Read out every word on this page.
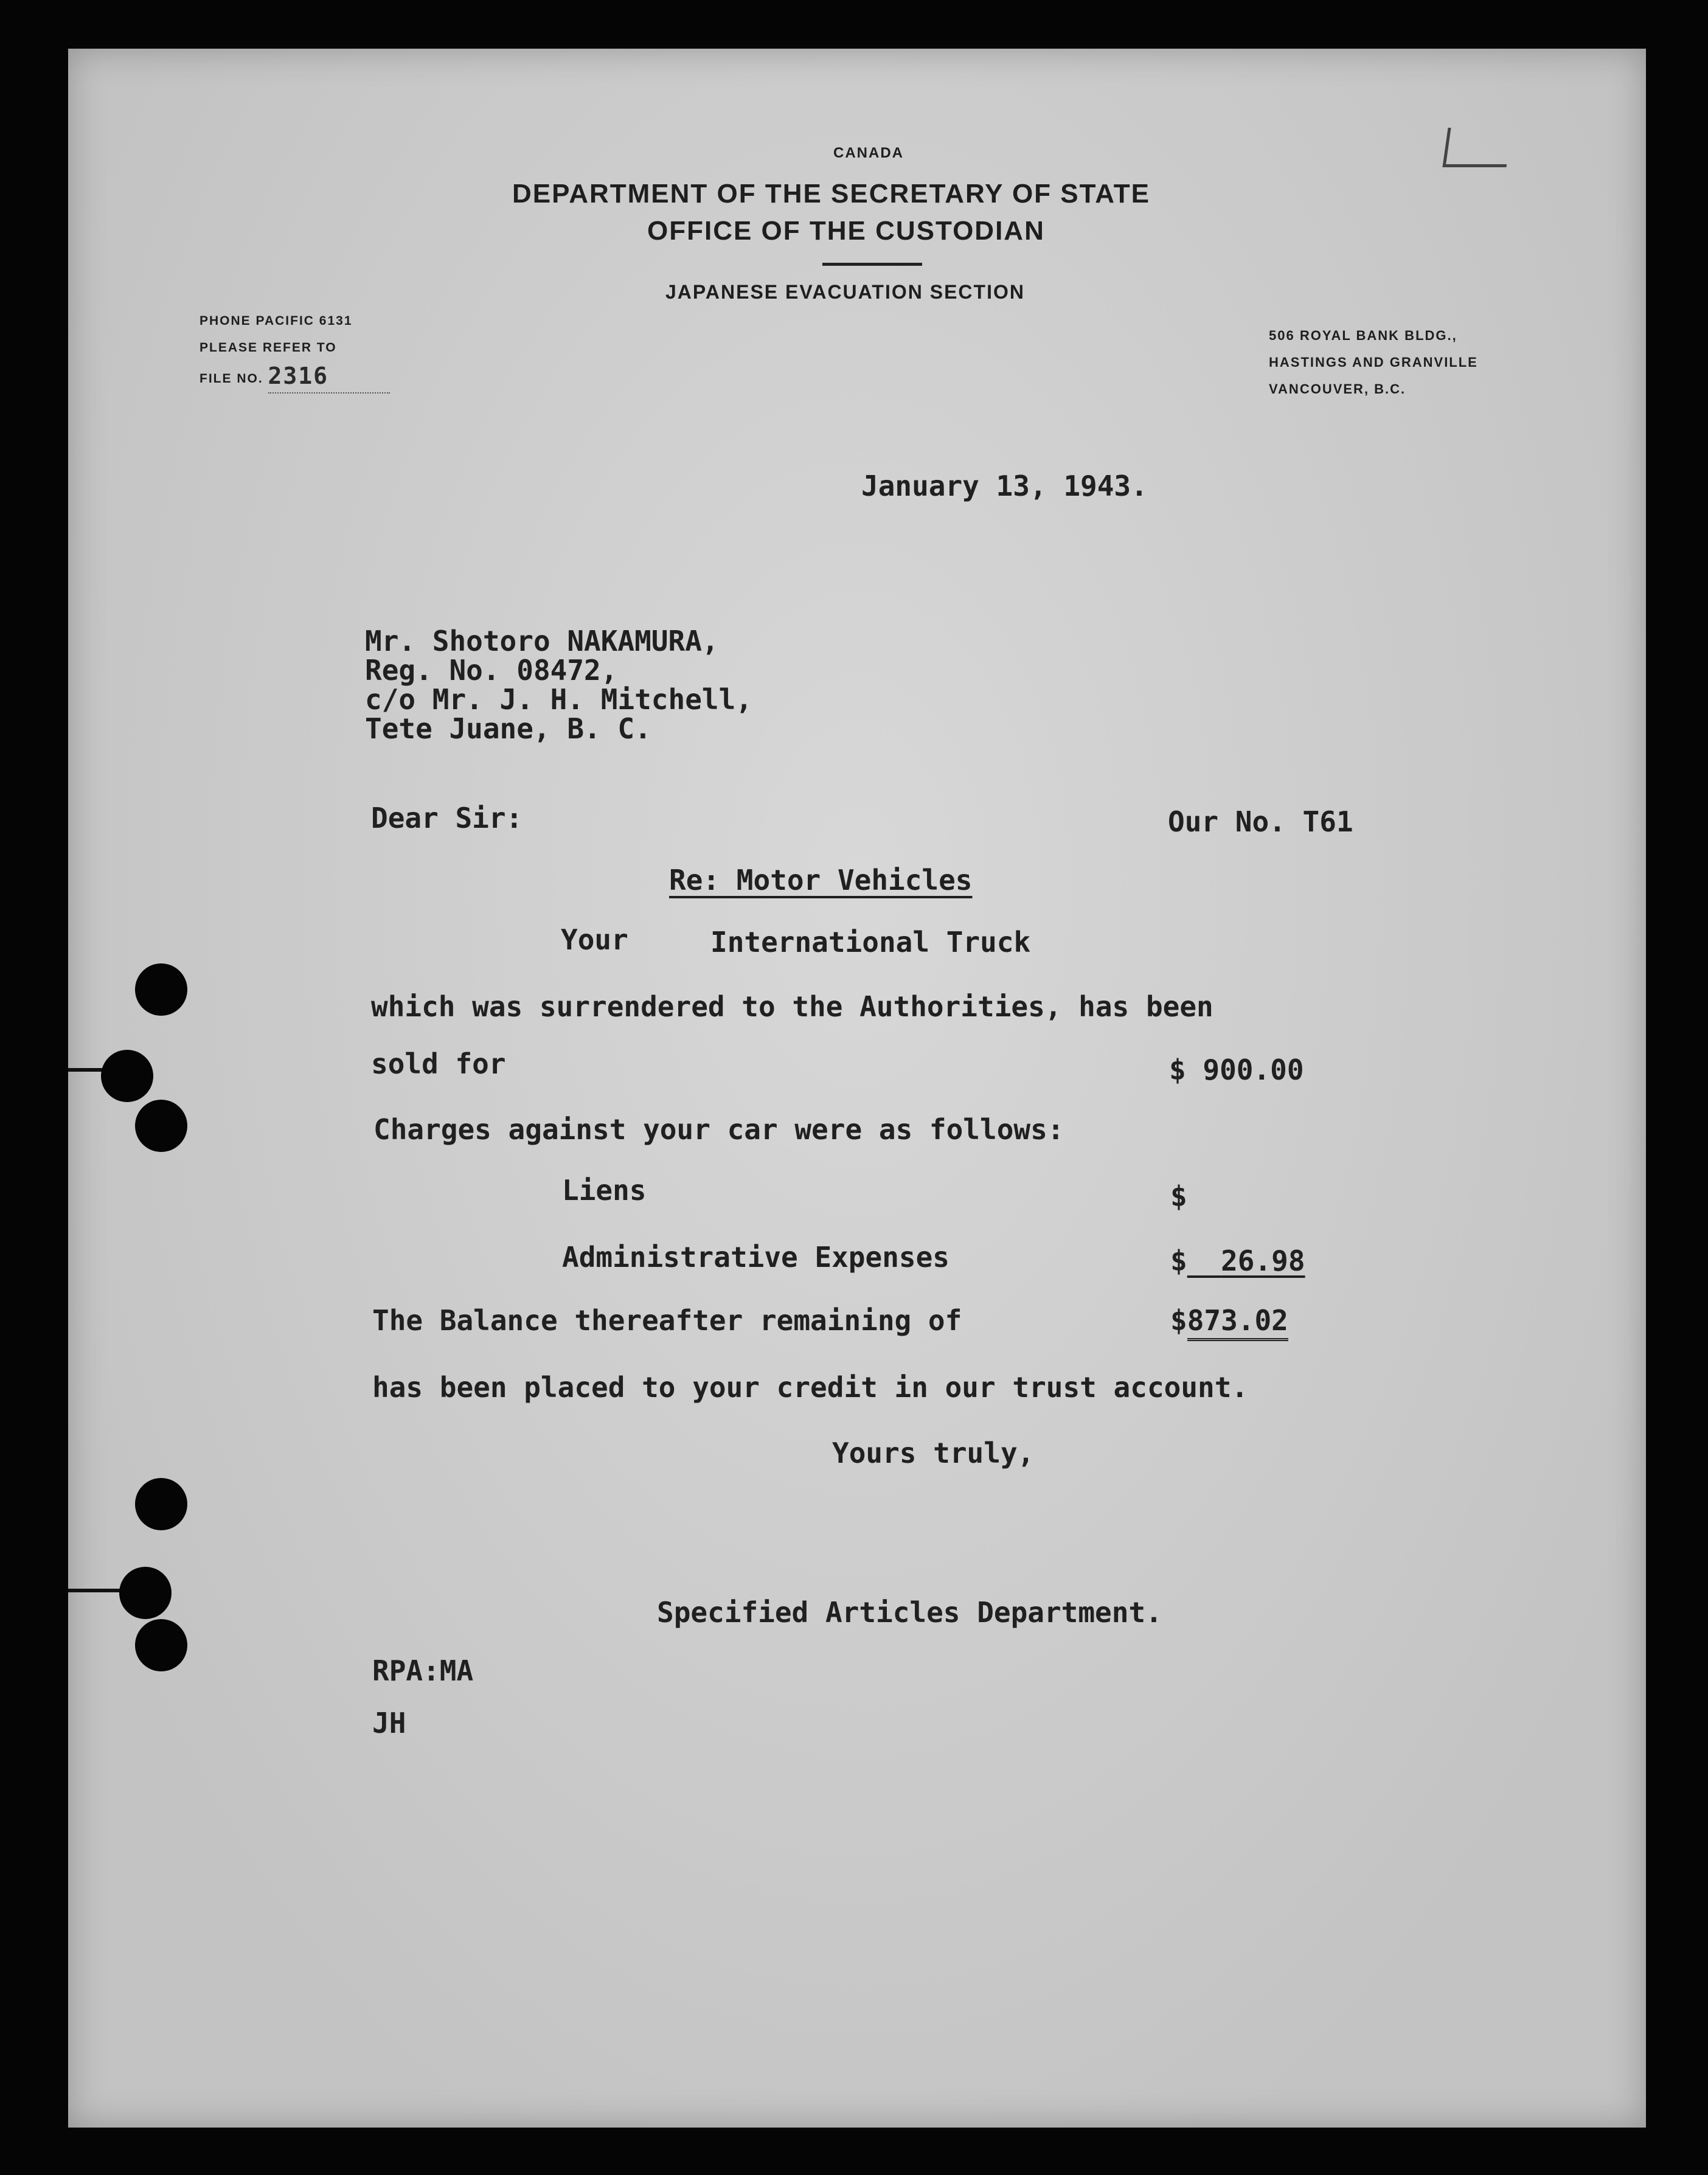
CANADA
DEPARTMENT OF THE SECRETARY OF STATE
OFFICE OF THE CUSTODIAN
JAPANESE EVACUATION SECTION
PHONE PACIFIC 6131
PLEASE REFER TO
FILE NO. 2316
506 ROYAL BANK BLDG.,
HASTINGS AND GRANVILLE
VANCOUVER, B.C.
January 13, 1943.
Mr. Shotoro NAKAMURA,
Reg. No. 08472,
c/o Mr. J. H. Mitchell,
Tete Juane, B. C.
Dear Sir:	Our No. T61
Re: Motor Vehicles
Your	International Truck
which was surrendered to the Authorities, has been
sold for	$ 900.00
Charges against your car were as follows:
Liens	$
Administrative Expenses	$ 26.98
The Balance thereafter remaining of	$873.02
has been placed to your credit in our trust account.
Yours truly,
Specified Articles Department.
RPA:MA
JH
